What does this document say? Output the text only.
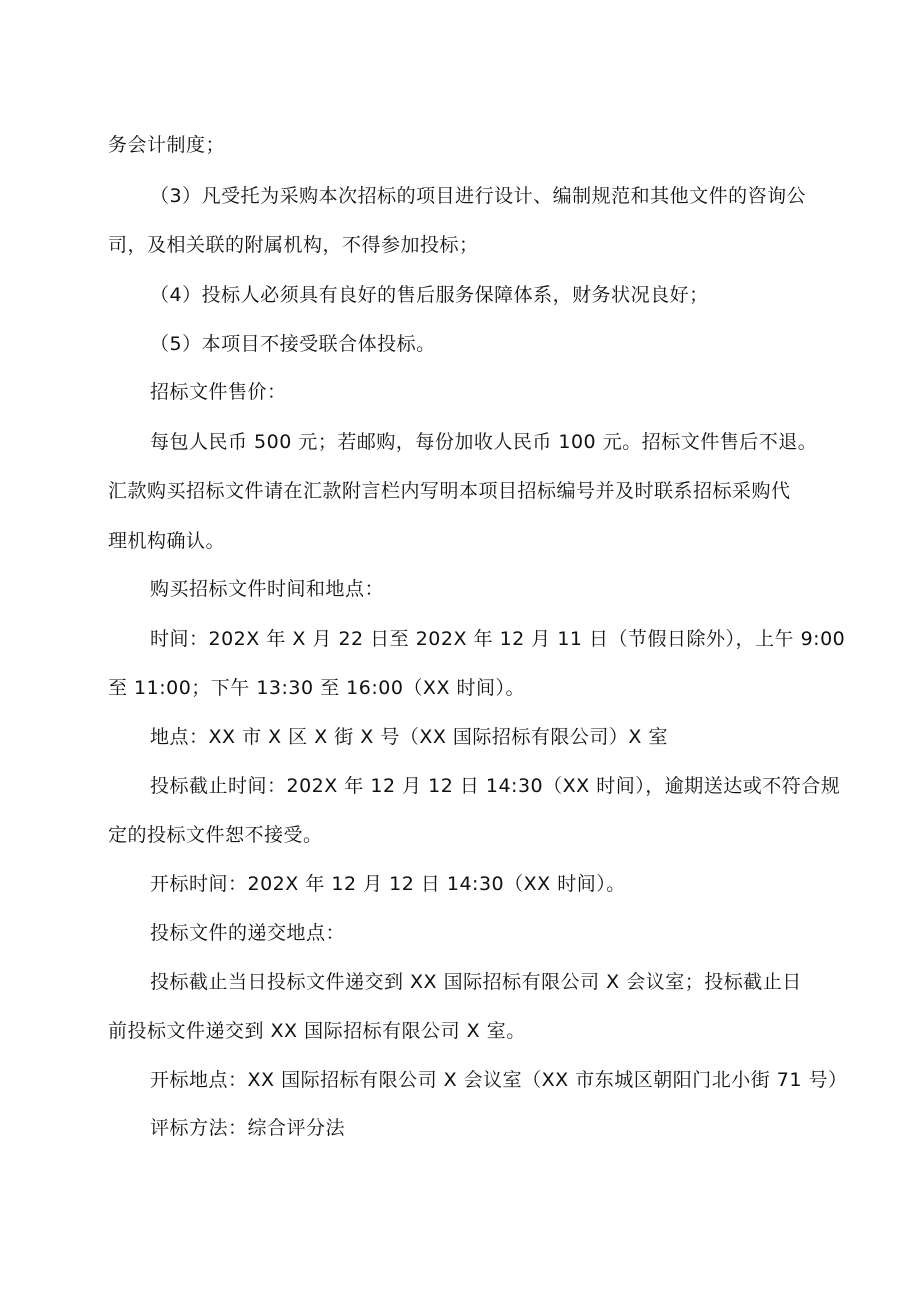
务会计制度；
（3）凡受托为采购本次招标的项目进行设计、编制规范和其他文件的咨询公
司，及相关联的附属机构，不得参加投标；
（4）投标人必须具有良好的售后服务保障体系，财务状况良好；
（5）本项目不接受联合体投标。
招标文件售价：
每包人民币 500 元；若邮购，每份加收人民币 100 元。招标文件售后不退。
汇款购买招标文件请在汇款附言栏内写明本项目招标编号并及时联系招标采购代
理机构确认。
购买招标文件时间和地点：
时间：202X 年 X 月 22 日至 202X 年 12 月 11 日（节假日除外），上午 9:00
至 11:00；下午 13:30 至 16:00（XX 时间）。
地点：XX 市 X 区 X 街 X 号（XX 国际招标有限公司）X 室
投标截止时间：202X 年 12 月 12 日 14:30（XX 时间），逾期送达或不符合规
定的投标文件恕不接受。
开标时间：202X 年 12 月 12 日 14:30（XX 时间）。
投标文件的递交地点：
投标截止当日投标文件递交到 XX 国际招标有限公司 X 会议室；投标截止日
前投标文件递交到 XX 国际招标有限公司 X 室。
开标地点：XX 国际招标有限公司 X 会议室（XX 市东城区朝阳门北小街 71 号）
评标方法：综合评分法
